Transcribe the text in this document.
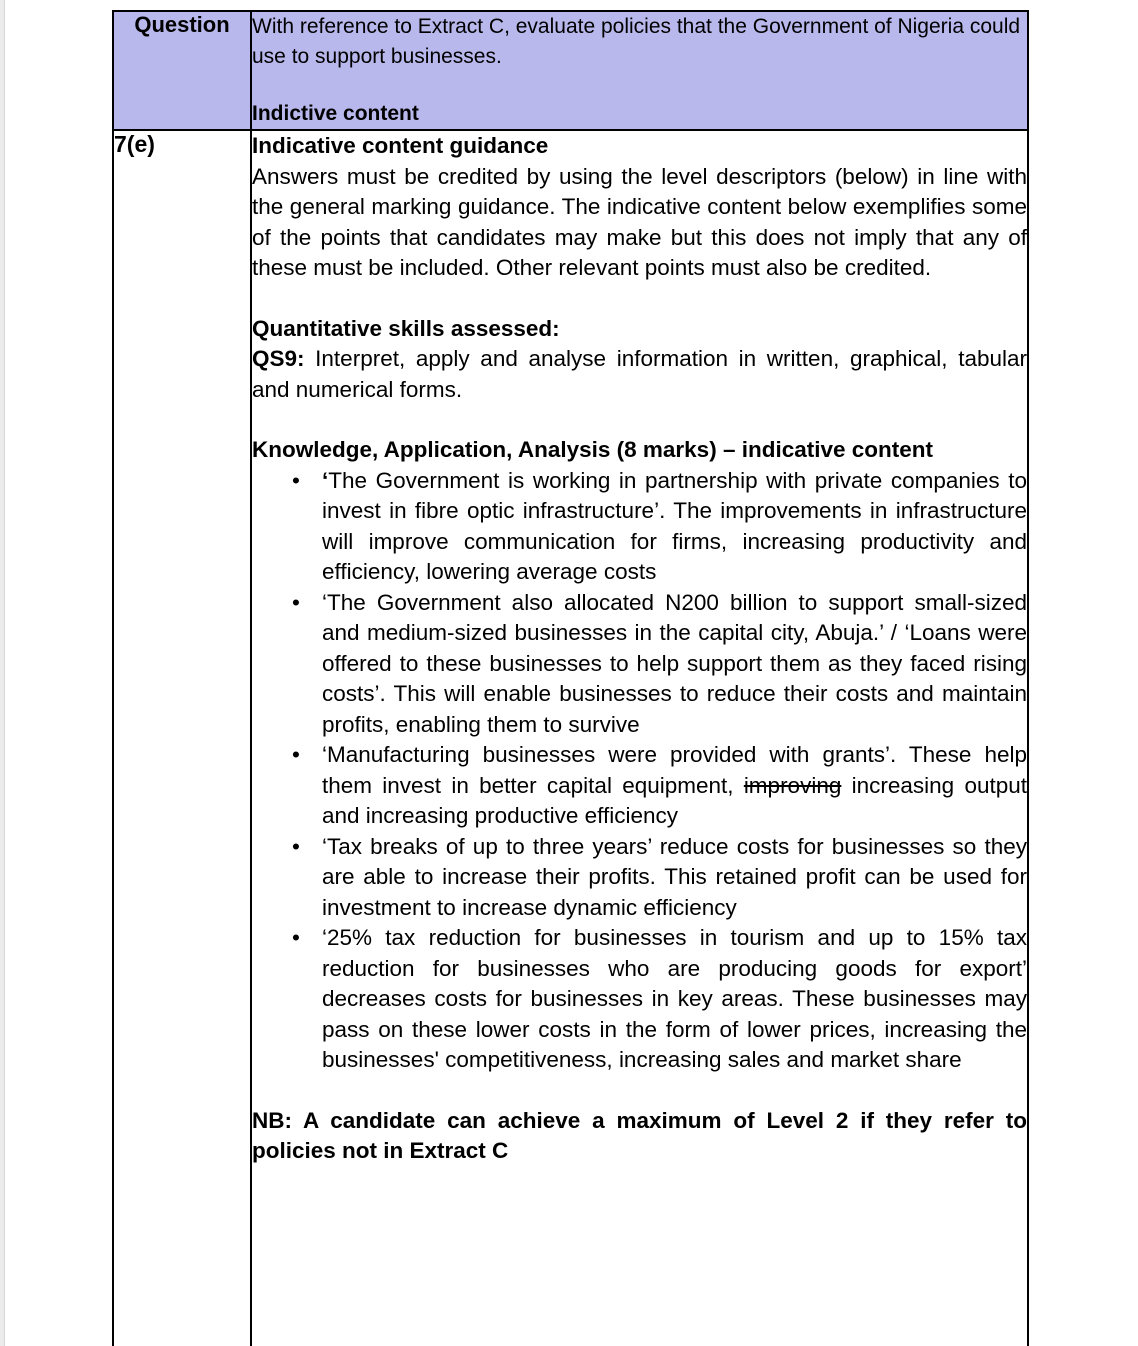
Question	With reference to Extract C, evaluate policies that the Government of Nigeria could use to support businesses.

Indictive content

7(e)	Indicative content guidance

Answers must be credited by using the level descriptors (below) in line with the general marking guidance. The indicative content below exemplifies some of the points that candidates may make but this does not imply that any of these must be included. Other relevant points must also be credited.

Quantitative skills assessed:

QS9: Interpret, apply and analyse information in written, graphical, tabular and numerical forms.

Knowledge, Application, Analysis (8 marks) – indicative content

• ‘The Government is working in partnership with private companies to invest in fibre optic infrastructure’. The improvements in infrastructure will improve communication for firms, increasing productivity and efficiency, lowering average costs
• ‘The Government also allocated N200 billion to support small-sized and medium-sized businesses in the capital city, Abuja.’ / ‘Loans were offered to these businesses to help support them as they faced rising costs’. This will enable businesses to reduce their costs and maintain profits, enabling them to survive
• ‘Manufacturing businesses were provided with grants’. These help them invest in better capital equipment, improving increasing output and increasing productive efficiency
• ‘Tax breaks of up to three years’ reduce costs for businesses so they are able to increase their profits. This retained profit can be used for investment to increase dynamic efficiency
• ‘25% tax reduction for businesses in tourism and up to 15% tax reduction for businesses who are producing goods for export’ decreases costs for businesses in key areas. These businesses may pass on these lower costs in the form of lower prices, increasing the businesses' competitiveness, increasing sales and market share

NB: A candidate can achieve a maximum of Level 2 if they refer to policies not in Extract C
